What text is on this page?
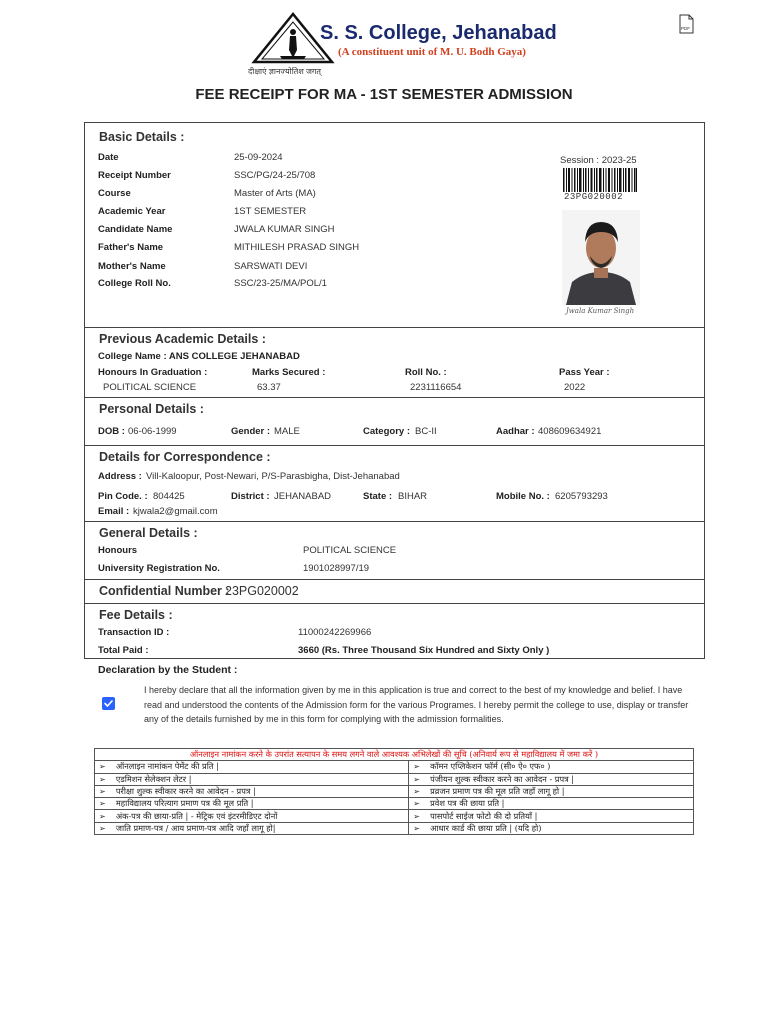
S. S. College, Jehanabad
(A constituent unit of M. U. Bodh Gaya)
दीक्षाएं ज्ञानज्योतिश जगत्
PDF
FEE RECEIPT FOR MA - 1ST SEMESTER ADMISSION
Basic Details :
Date	25-09-2024
Receipt Number	SSC/PG/24-25/708
Course	Master of Arts (MA)
Academic Year	1ST SEMESTER
Candidate Name	JWALA KUMAR SINGH
Father's Name	MITHILESH PRASAD SINGH
Mother's Name	SARSWATI DEVI
College Roll No.	SSC/23-25/MA/POL/1
Session : 2023-25
23PG020002
Jwala Kumar Singh
Previous Academic Details :
College Name : ANS COLLEGE JEHANABAD
Honours In Graduation :	Marks Secured :	Roll No. :	Pass Year :
POLITICAL SCIENCE	63.37	2231116654	2022
Personal Details :
DOB : 06-06-1999	Gender : MALE	Category : BC-II	Aadhar : 408609634921
Details for Correspondence :
Address : Vill-Kaloopur, Post-Newari, P/S-Parasbigha, Dist-Jehanabad
Pin Code. : 804425	District : JEHANABAD	State : BIHAR	Mobile No. : 6205793293
Email : kjwala2@gmail.com
General Details :
Honours	POLITICAL SCIENCE
University Registration No.	1901028997/19
Confidential Number :
23PG020002
Fee Details :
Transaction ID :	11000242269966
Total Paid :	3660 (Rs. Three Thousand Six Hundred and Sixty Only )
Declaration by the Student :
I hereby declare that all the information given by me in this application is true and correct to the best of my knowledge and belief. I have read and understood the contents of the Admission form for the various Programes. I hereby permit the college to use, display or transfer any of the details furnished by me in this form for complying with the admission formalities.
ऑनलाइन नामांकन करने के उपरांत सत्यापन के समय लगने वाले आवश्यक अभिलेखों की सूचि (अनिवार्य रूप से महाविद्यालय में जमा करें )	
➢ ऑनलाइन नामांकन पेमेंट की प्रति |	➢ कॉमन एप्लिकेशन फॉर्म (सी० ऐ० एफ० )
➢ एडमिशन सेलेक्शन लेटर |	➢ पंजीयन शुल्क स्वीकार करने का आवेदन - प्रपत्र |
➢ परीक्षा शुल्क स्वीकार करने का आवेदन - प्रपत्र |	➢ प्रव्रजन प्रमाण पत्र की मूल प्रति जहाँ लागू हो |
➢ महाविद्यालय परित्याग प्रमाण पत्र की मूल प्रति |	➢ प्रवेश पत्र की छाया प्रति |
➢ अंक-पत्र की छाया-प्रति | - मेट्रिक एवं इंटरमीडिएट दोनों	➢ पासपोर्ट साईज फोटो की दो प्रतियाँ |
➢ जाति प्रमाण-पत्र / आय प्रमाण-पत्र आदि जहाँ लागू हो|	➢ आधार कार्ड की छाया प्रति | (यदि हो)
